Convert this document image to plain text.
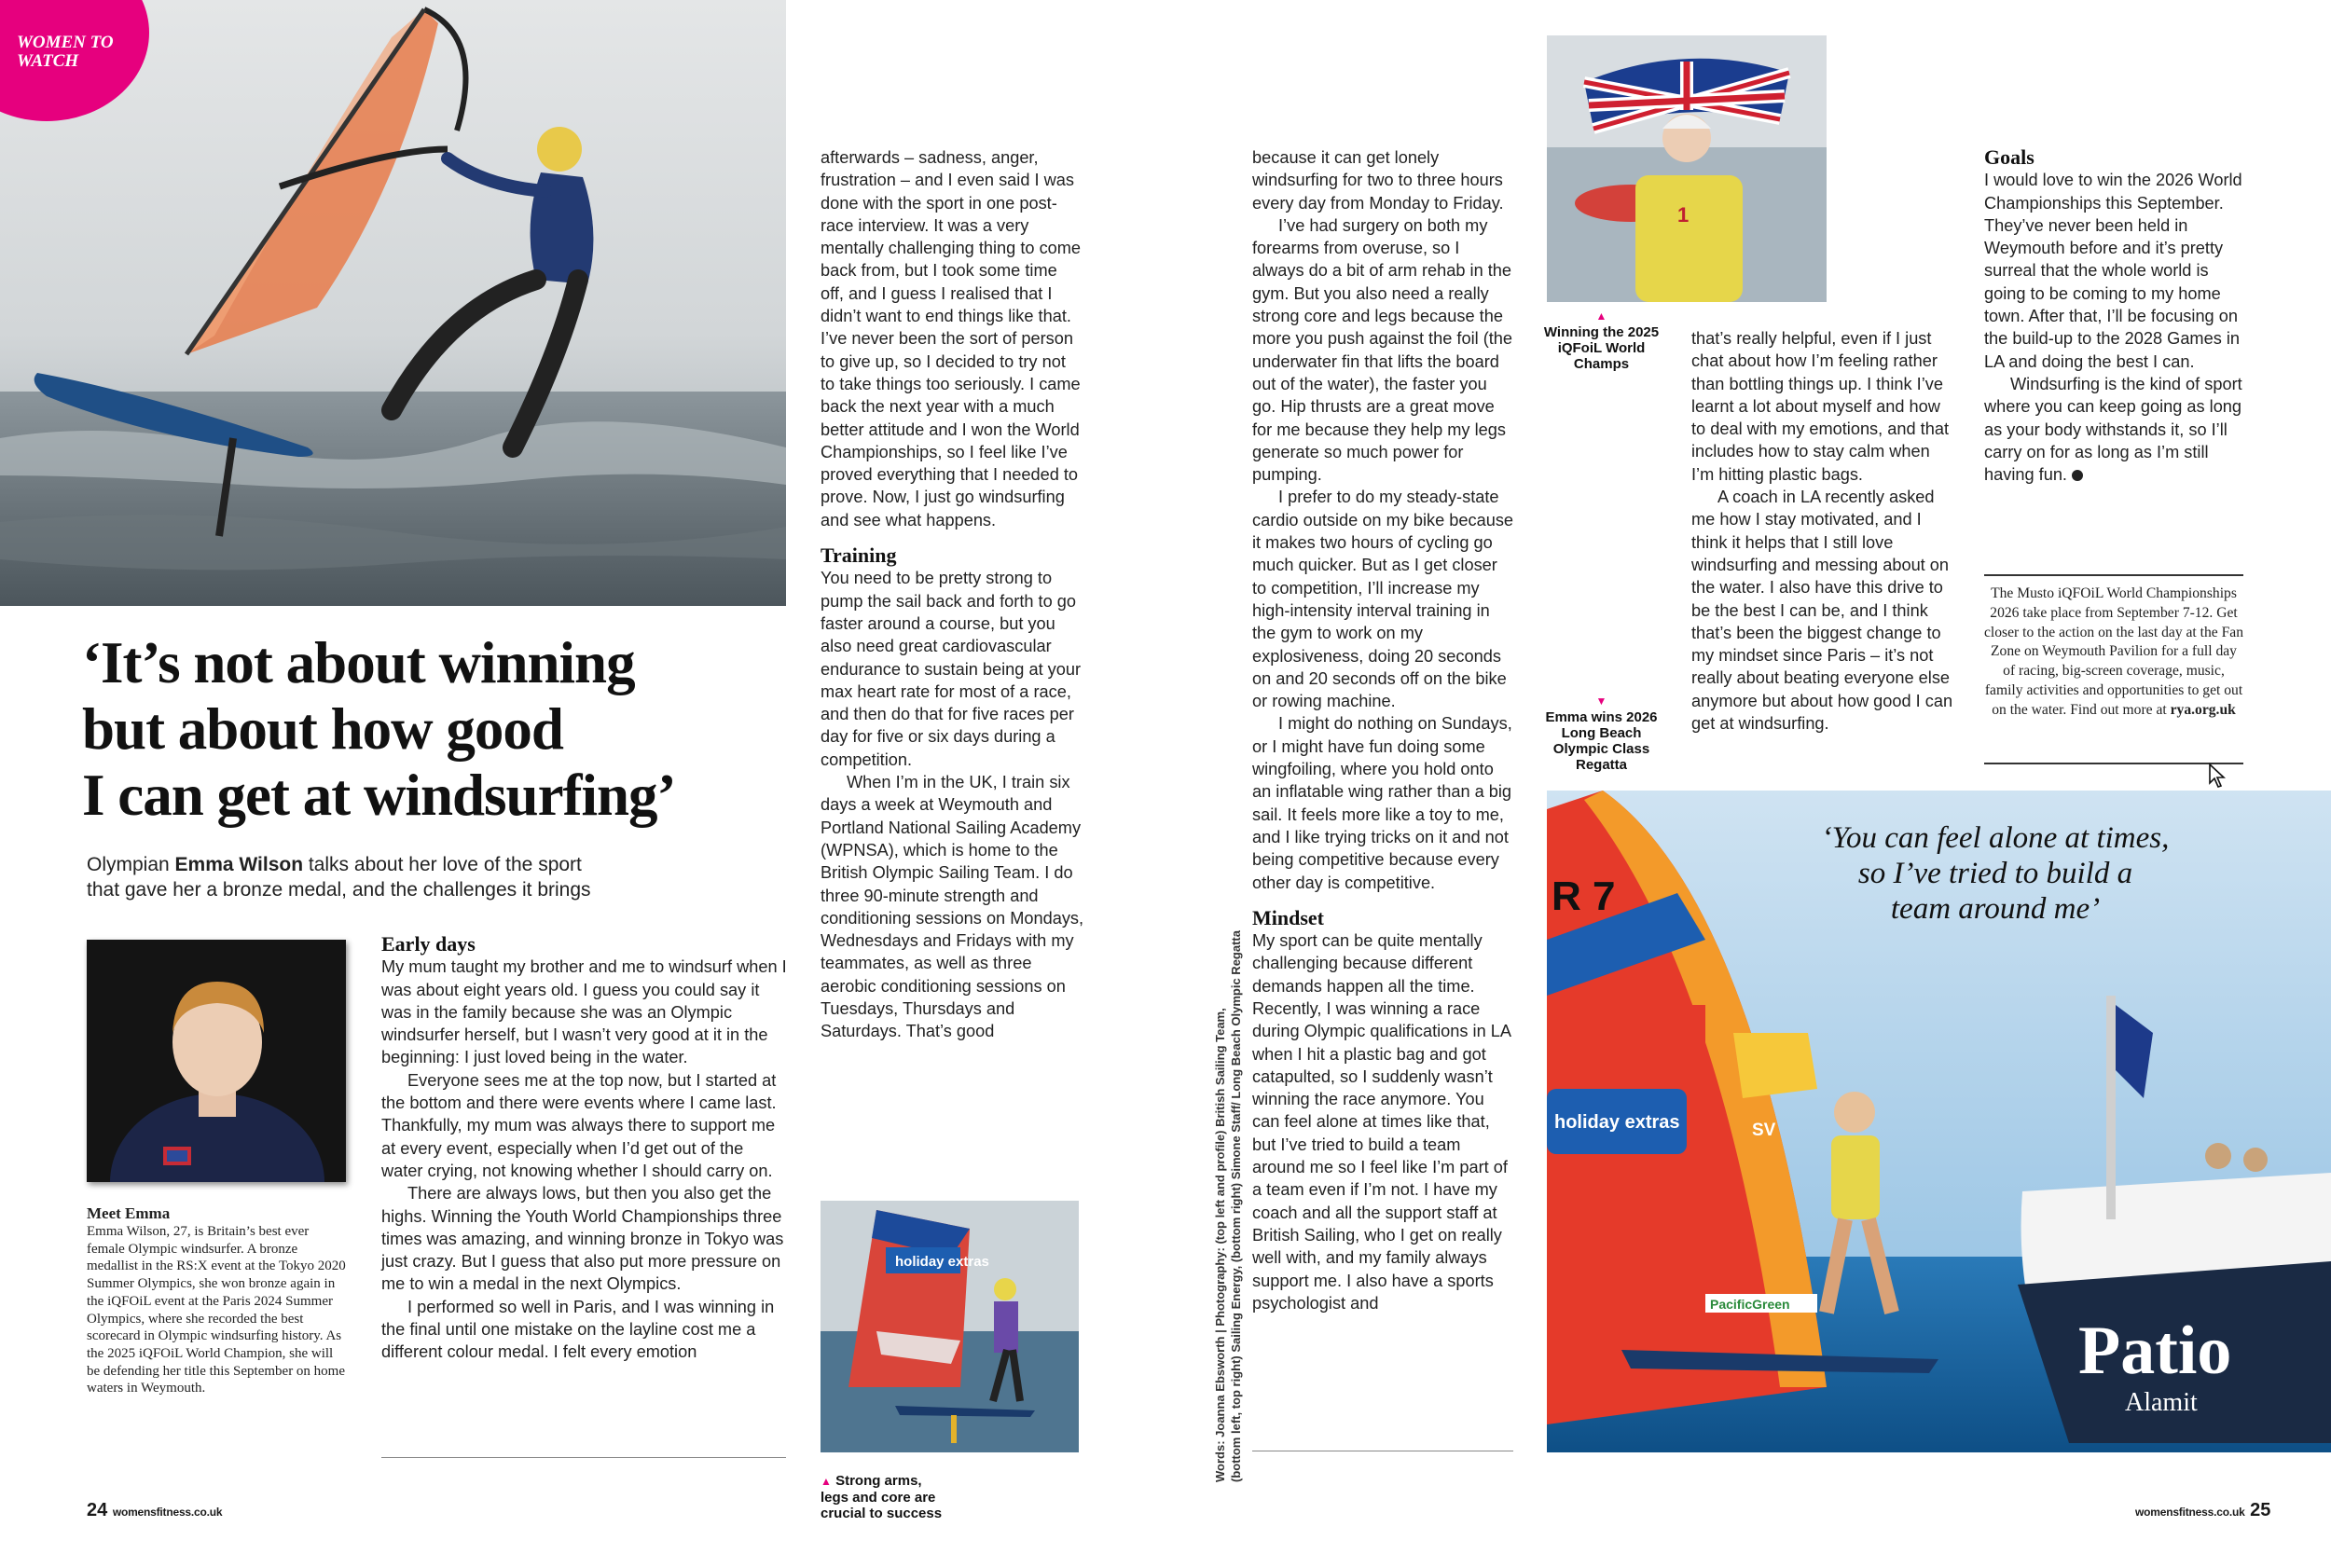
WOMEN TO
WATCH
‘It’s not about winning
but about how good
I can get at windsurfing’
Olympian Emma Wilson talks about her love of the sport
that gave her a bronze medal, and the challenges it brings
Meet Emma
Emma Wilson, 27, is Britain’s best ever female Olympic windsurfer. A bronze medallist in the RS:X event at the Tokyo 2020 Summer Olympics, she won bronze again in the iQFOiL event at the Paris 2024 Summer Olympics, where she recorded the best scorecard in Olympic windsurfing history. As the 2025 iQFOiL World Champion, she will be defending her title this September on home waters in Weymouth.
Early days

My mum taught my brother and me to windsurf when I was about eight years old. I guess you could say it was in the family because she was an Olympic windsurfer herself, but I wasn’t very good at it in the beginning: I just loved being in the water.

Everyone sees me at the top now, but I started at the bottom and there were events where I came last. Thankfully, my mum was always there to support me at every event, especially when I’d get out of the water crying, not knowing whether I should carry on.

There are always lows, but then you also get the highs. Winning the Youth World Championships three times was amazing, and winning bronze in Tokyo was just crazy. But I guess that also put more pressure on me to win a medal in the next Olympics.

I performed so well in Paris, and I was winning in the final until one mistake on the layline cost me a different colour medal. I felt every emotion

afterwards – sadness, anger, frustration – and I even said I was done with the sport in one post-race interview. It was a very mentally challenging thing to come back from, but I took some time off, and I guess I realised that I didn’t want to end things like that. I’ve never been the sort of person to give up, so I decided to try not to take things too seriously. I came back the next year with a much better attitude and I won the World Championships, so I feel like I’ve proved everything that I needed to prove. Now, I just go windsurfing and see what happens.

Training

You need to be pretty strong to pump the sail back and forth to go faster around a course, but you also need great cardiovascular endurance to sustain being at your max heart rate for most of a race, and then do that for five races per day for five or six days during a competition.

When I’m in the UK, I train six days a week at Weymouth and Portland National Sailing Academy (WPNSA), which is home to the British Olympic Sailing Team. I do three 90-minute strength and conditioning sessions on Mondays, Wednesdays and Fridays with my teammates, as well as three aerobic conditioning sessions on Tuesdays, Thursdays and Saturdays. That’s good

holiday extras
▲ Strong arms, legs and core are crucial to success
24 womensfitness.co.uk
Words: Joanna Ebsworth | Photography: (top left and profile) British Sailing Team, (bottom left, top right) Sailing Energy, (bottom right) Simone Staff/ Long Beach Olympic Regatta

because it can get lonely windsurfing for two to three hours every day from Monday to Friday.

I’ve had surgery on both my forearms from overuse, so I always do a bit of arm rehab in the gym. But you also need a really strong core and legs because the more you push against the foil (the underwater fin that lifts the board out of the water), the faster you go. Hip thrusts are a great move for me because they help my legs generate so much power for pumping.

I prefer to do my steady-state cardio outside on my bike because it makes two hours of cycling go much quicker. But as I get closer to competition, I’ll increase my high-intensity interval training in the gym to work on my explosiveness, doing 20 seconds on and 20 seconds off on the bike or rowing machine.

I might do nothing on Sundays, or I might have fun doing some wingfoiling, where you hold onto an inflatable wing rather than a big sail. It feels more like a toy to me, and I like trying tricks on it and not being competitive because every other day is competitive.

Mindset

My sport can be quite mentally challenging because different demands happen all the time. Recently, I was winning a race during Olympic qualifications in LA when I hit a plastic bag and got catapulted, so I suddenly wasn’t winning the race anymore. You can feel alone at times like that, but I’ve tried to build a team around me so I feel like I’m part of a team even if I’m not. I have my coach and all the support staff at British Sailing, who I get on really well with, and my family always support me. I also have a sports psychologist and

1
▲
Winning the 2025 iQFoiL World Champs
▼
Emma wins 2026 Long Beach Olympic Class Regatta

that’s really helpful, even if I just chat about how I’m feeling rather than bottling things up. I think I’ve learnt a lot about myself and how to deal with my emotions, and that includes how to stay calm when I’m hitting plastic bags.

A coach in LA recently asked me how I stay motivated, and I think it helps that I still love windsurfing and messing about on the water. I also have this drive to be the best I can be, and I think that’s been the biggest change to my mindset since Paris – it’s not really about beating everyone else anymore but about how good I can get at windsurfing.

Goals

I would love to win the 2026 World Championships this September. They’ve never been held in Weymouth before and it’s pretty surreal that the whole world is going to be coming to my home town. After that, I’ll be focusing on the build-up to the 2028 Games in LA and doing the best I can.

Windsurfing is the kind of sport where you can keep going as long as your body withstands it, so I’ll carry on for as long as I’m still having fun.

The Musto iQFOiL World Championships 2026 take place from September 7-12. Get closer to the action on the last day at the Fan Zone on Weymouth Pavilion for a full day of racing, big-screen coverage, music, family activities and opportunities to get out on the water. Find out more at rya.org.uk
R 7
SV
holiday extras
PacificGreen
Patio
Alamit
‘You can feel alone at times,
so I’ve tried to build a
team around me’
womensfitness.co.uk 25
